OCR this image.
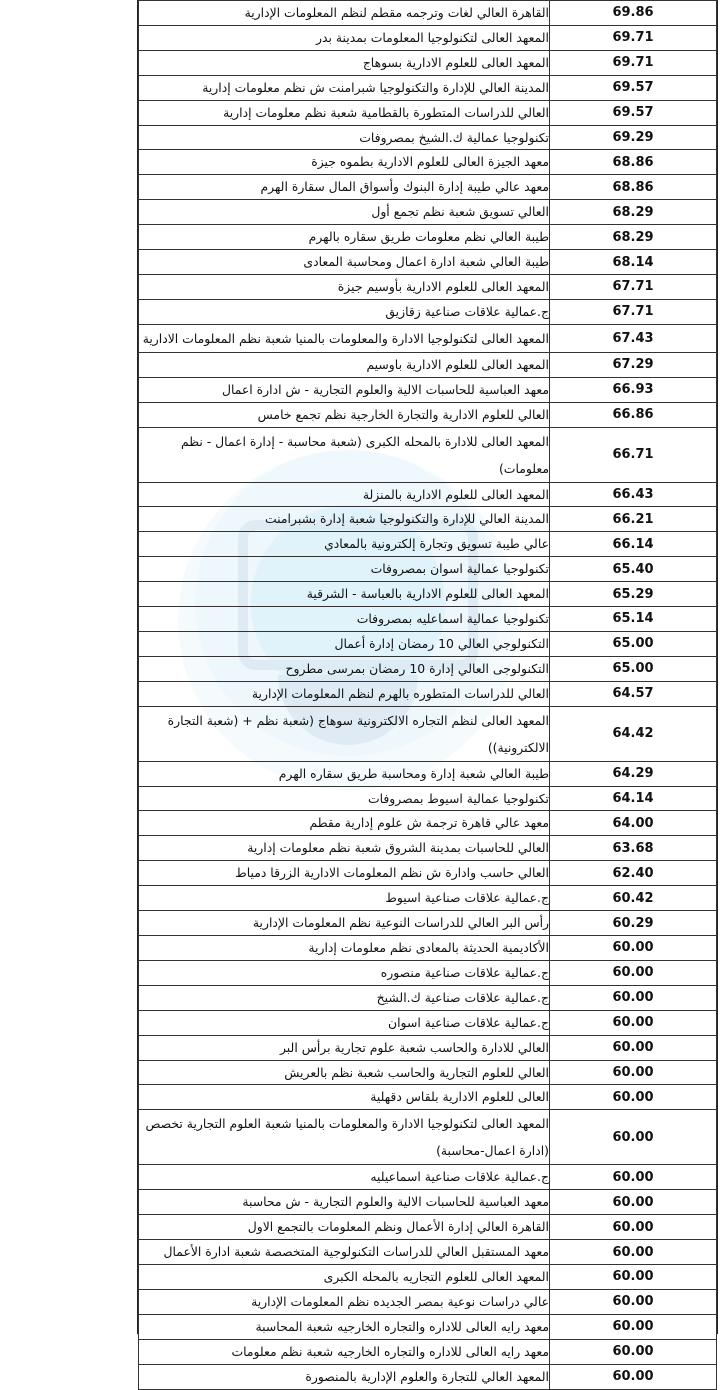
القاهرة العالي لغات وترجمه مقطم لنظم المعلومات الإدارية	69.86
المعهد العالى لتكنولوجيا المعلومات بمدينة بدر	69.71
المعهد العالى للعلوم الادارية بسوهاج	69.71
المدينة العالي للإدارة والتكنولوجيا شبرامنت ش نظم معلومات إدارية	69.57
العالي للدراسات المتطورة بالقطامية شعبة نظم معلومات إدارية	69.57
تكنولوجيا عمالية ك.الشيخ بمصروفات	69.29
معهد الجيزة العالى للعلوم الادارية بطموه جيزة	68.86
معهد عالي طيبة إدارة البنوك وأسواق المال سقارة الهرم	68.86
العالي تسويق شعبة نظم تجمع أول	68.29
طيبة العالي نظم معلومات طريق سقاره بالهرم	68.29
طيبة العالي شعبة ادارة اعمال ومحاسبة المعادى	68.14
المعهد العالى للعلوم الادارية بأوسيم جيزة	67.71
ج.عمالية علاقات صناعية زقازيق	67.71
المعهد العالى لتكنولوجيا الادارة والمعلومات بالمنيا شعبة نظم المعلومات الادارية	67.43
المعهد العالى للعلوم الادارية باوسيم	67.29
معهد العباسية للحاسبات الالية والعلوم التجارية - ش ادارة اعمال	66.93
العالي للعلوم الادارية والتجارة الخارجية نظم تجمع خامس	66.86
المعهد العالى للادارة بالمحله الكبرى (شعبة محاسبة - إدارة اعمال - نظم معلومات)	66.71
المعهد العالى للعلوم الادارية بالمنزلة	66.43
المدينة العالي للإدارة والتكنولوجيا شعبة إدارة بشبرامنت	66.21
عالي طيبة تسويق وتجارة إلكترونية بالمعادي	66.14
تكنولوجيا عمالية اسوان بمصروفات	65.40
المعهد العالى للعلوم الادارية بالعباسة - الشرقية	65.29
تكنولوجيا عمالية اسماعليه بمصروفات	65.14
التكنولوجي العالي 10 رمضان إدارة أعمال	65.00
التكنولوجى العالي إدارة 10 رمضان بمرسى مطروح	65.00
العالي للدراسات المتطوره بالهرم لنظم المعلومات الإدارية	64.57
المعهد العالى لنظم التجاره الالكترونية سوهاج (شعبة نظم + (شعبة التجارة الالكترونية))	64.42
طيبة العالي شعبة إدارة ومحاسبة طريق سقاره الهرم	64.29
تكنولوجيا عمالية اسيوط بمصروفات	64.14
معهد عالي قاهرة ترجمة ش علوم إدارية مقطم	64.00
العالي للحاسبات بمدينة الشروق شعبة نظم معلومات إدارية	63.68
العالي حاسب وادارة ش نظم المعلومات الادارية الزرقا دمياط	62.40
ج.عمالية علاقات صناعية اسيوط	60.42
رأس البر العالي للدراسات النوعية نظم المعلومات الإدارية	60.29
الأكاديمية الحديثة بالمعادى نظم معلومات إدارية	60.00
ج.عمالية علاقات صناعية منصوره	60.00
ج.عمالية علاقات صناعية ك.الشيخ	60.00
ج.عمالية علاقات صناعية اسوان	60.00
العالي للادارة والحاسب شعبة علوم تجارية برأس البر	60.00
العالي للعلوم التجارية والحاسب شعبة نظم بالعريش	60.00
العالى للعلوم الادارية بلقاس دقهلية	60.00
المعهد العالى لتكنولوجيا الادارة والمعلومات بالمنيا شعبة العلوم التجارية تخصص (ادارة اعمال-محاسبة)	60.00
ج.عمالية علاقات صناعية اسماعيليه	60.00
معهد العباسية للحاسبات الالية والعلوم التجارية - ش محاسبة	60.00
القاهرة العالي إدارة الأعمال ونظم المعلومات بالتجمع الاول	60.00
معهد المستقبل العالي للدراسات التكنولوجية المتخصصة شعبة ادارة الأعمال	60.00
المعهد العالى للعلوم التجاريه بالمحله الكبرى	60.00
عالي دراسات نوعية بمصر الجديده نظم المعلومات الإدارية	60.00
معهد رايه العالى للاداره والتجاره الخارجيه شعبة المحاسبة	60.00
معهد رايه العالى للاداره والتجاره الخارجيه شعبة نظم معلومات	60.00
المعهد العالي للتجارة والعلوم الإدارية بالمنصورة	60.00
